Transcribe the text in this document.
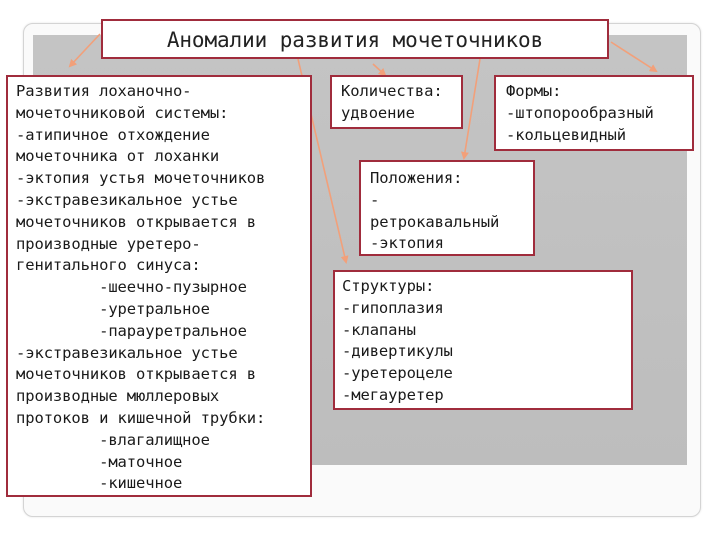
Аномалии развития мочеточников
Развития лоханочно-
мочеточниковой системы:
-атипичное отхождение
мочеточника от лоханки
-эктопия устья мочеточников
-экстравезикальное устье
мочеточников открывается в
производные уретеро-
генитального синуса:
-шеечно-пузырное
-уретральное
-парауретральное
-экстравезикальное устье
мочеточников открывается в
производные мюллеровых
протоков и кишечной трубки:
-влагалищное
-маточное
-кишечное
Количества:
удвоение
Формы:
-штопорообразный
-кольцевидный
Положения:
-
ретрокавальный
-эктопия
Структуры:
-гипоплазия
-клапаны
-дивертикулы
-уретероцеле
-мегауретер
